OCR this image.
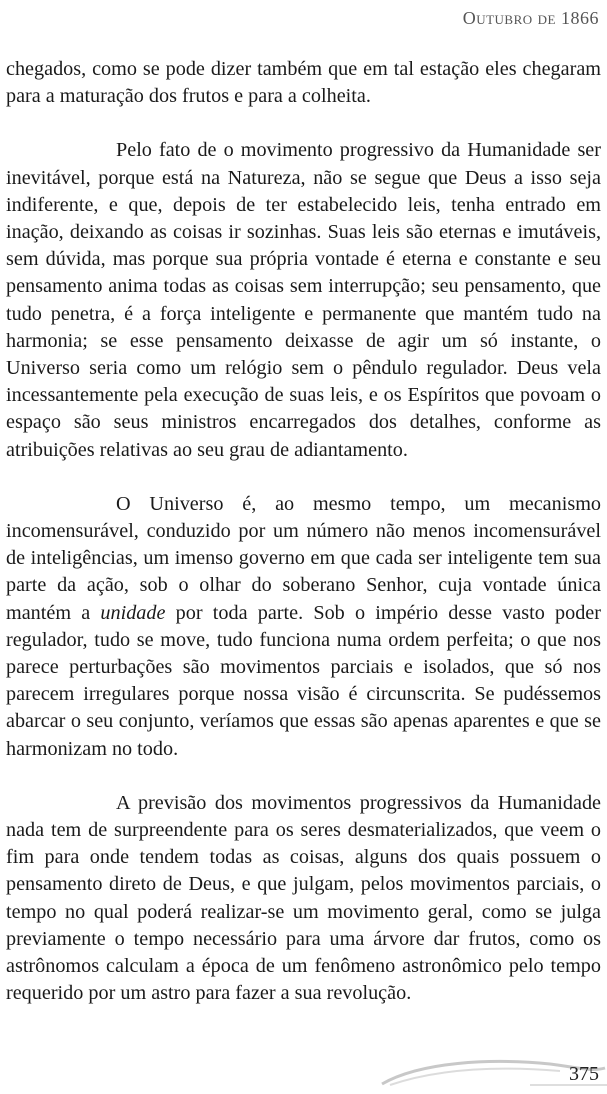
Outubro de 1866

chegados, como se pode dizer também que em tal estação eles chegaram para a maturação dos frutos e para a colheita.

Pelo fato de o movimento progressivo da Humanidade ser inevitável, porque está na Natureza, não se segue que Deus a isso seja indiferente, e que, depois de ter estabelecido leis, tenha entrado em inação, deixando as coisas ir sozinhas. Suas leis são eternas e imutáveis, sem dúvida, mas porque sua própria vontade é eterna e constante e seu pensamento anima todas as coisas sem interrupção; seu pensamento, que tudo penetra, é a força inteligente e permanente que mantém tudo na harmonia; se esse pensamento deixasse de agir um só instante, o Universo seria como um relógio sem o pêndulo regulador. Deus vela incessantemente pela execução de suas leis, e os Espíritos que povoam o espaço são seus ministros encarregados dos detalhes, conforme as atribuições relativas ao seu grau de adiantamento.

O Universo é, ao mesmo tempo, um mecanismo incomensurável, conduzido por um número não menos incomensurável de inteligências, um imenso governo em que cada ser inteligente tem sua parte da ação, sob o olhar do soberano Senhor, cuja vontade única mantém a unidade por toda parte. Sob o império desse vasto poder regulador, tudo se move, tudo funciona numa ordem perfeita; o que nos parece perturbações são movimentos parciais e isolados, que só nos parecem irregulares porque nossa visão é circunscrita. Se pudéssemos abarcar o seu conjunto, veríamos que essas são apenas aparentes e que se harmonizam no todo.

A previsão dos movimentos progressivos da Humanidade nada tem de surpreendente para os seres desmaterializados, que veem o fim para onde tendem todas as coisas, alguns dos quais possuem o pensamento direto de Deus, e que julgam, pelos movimentos parciais, o tempo no qual poderá realizar-se um movimento geral, como se julga previamente o tempo necessário para uma árvore dar frutos, como os astrônomos calculam a época de um fenômeno astronômico pelo tempo requerido por um astro para fazer a sua revolução.

375
